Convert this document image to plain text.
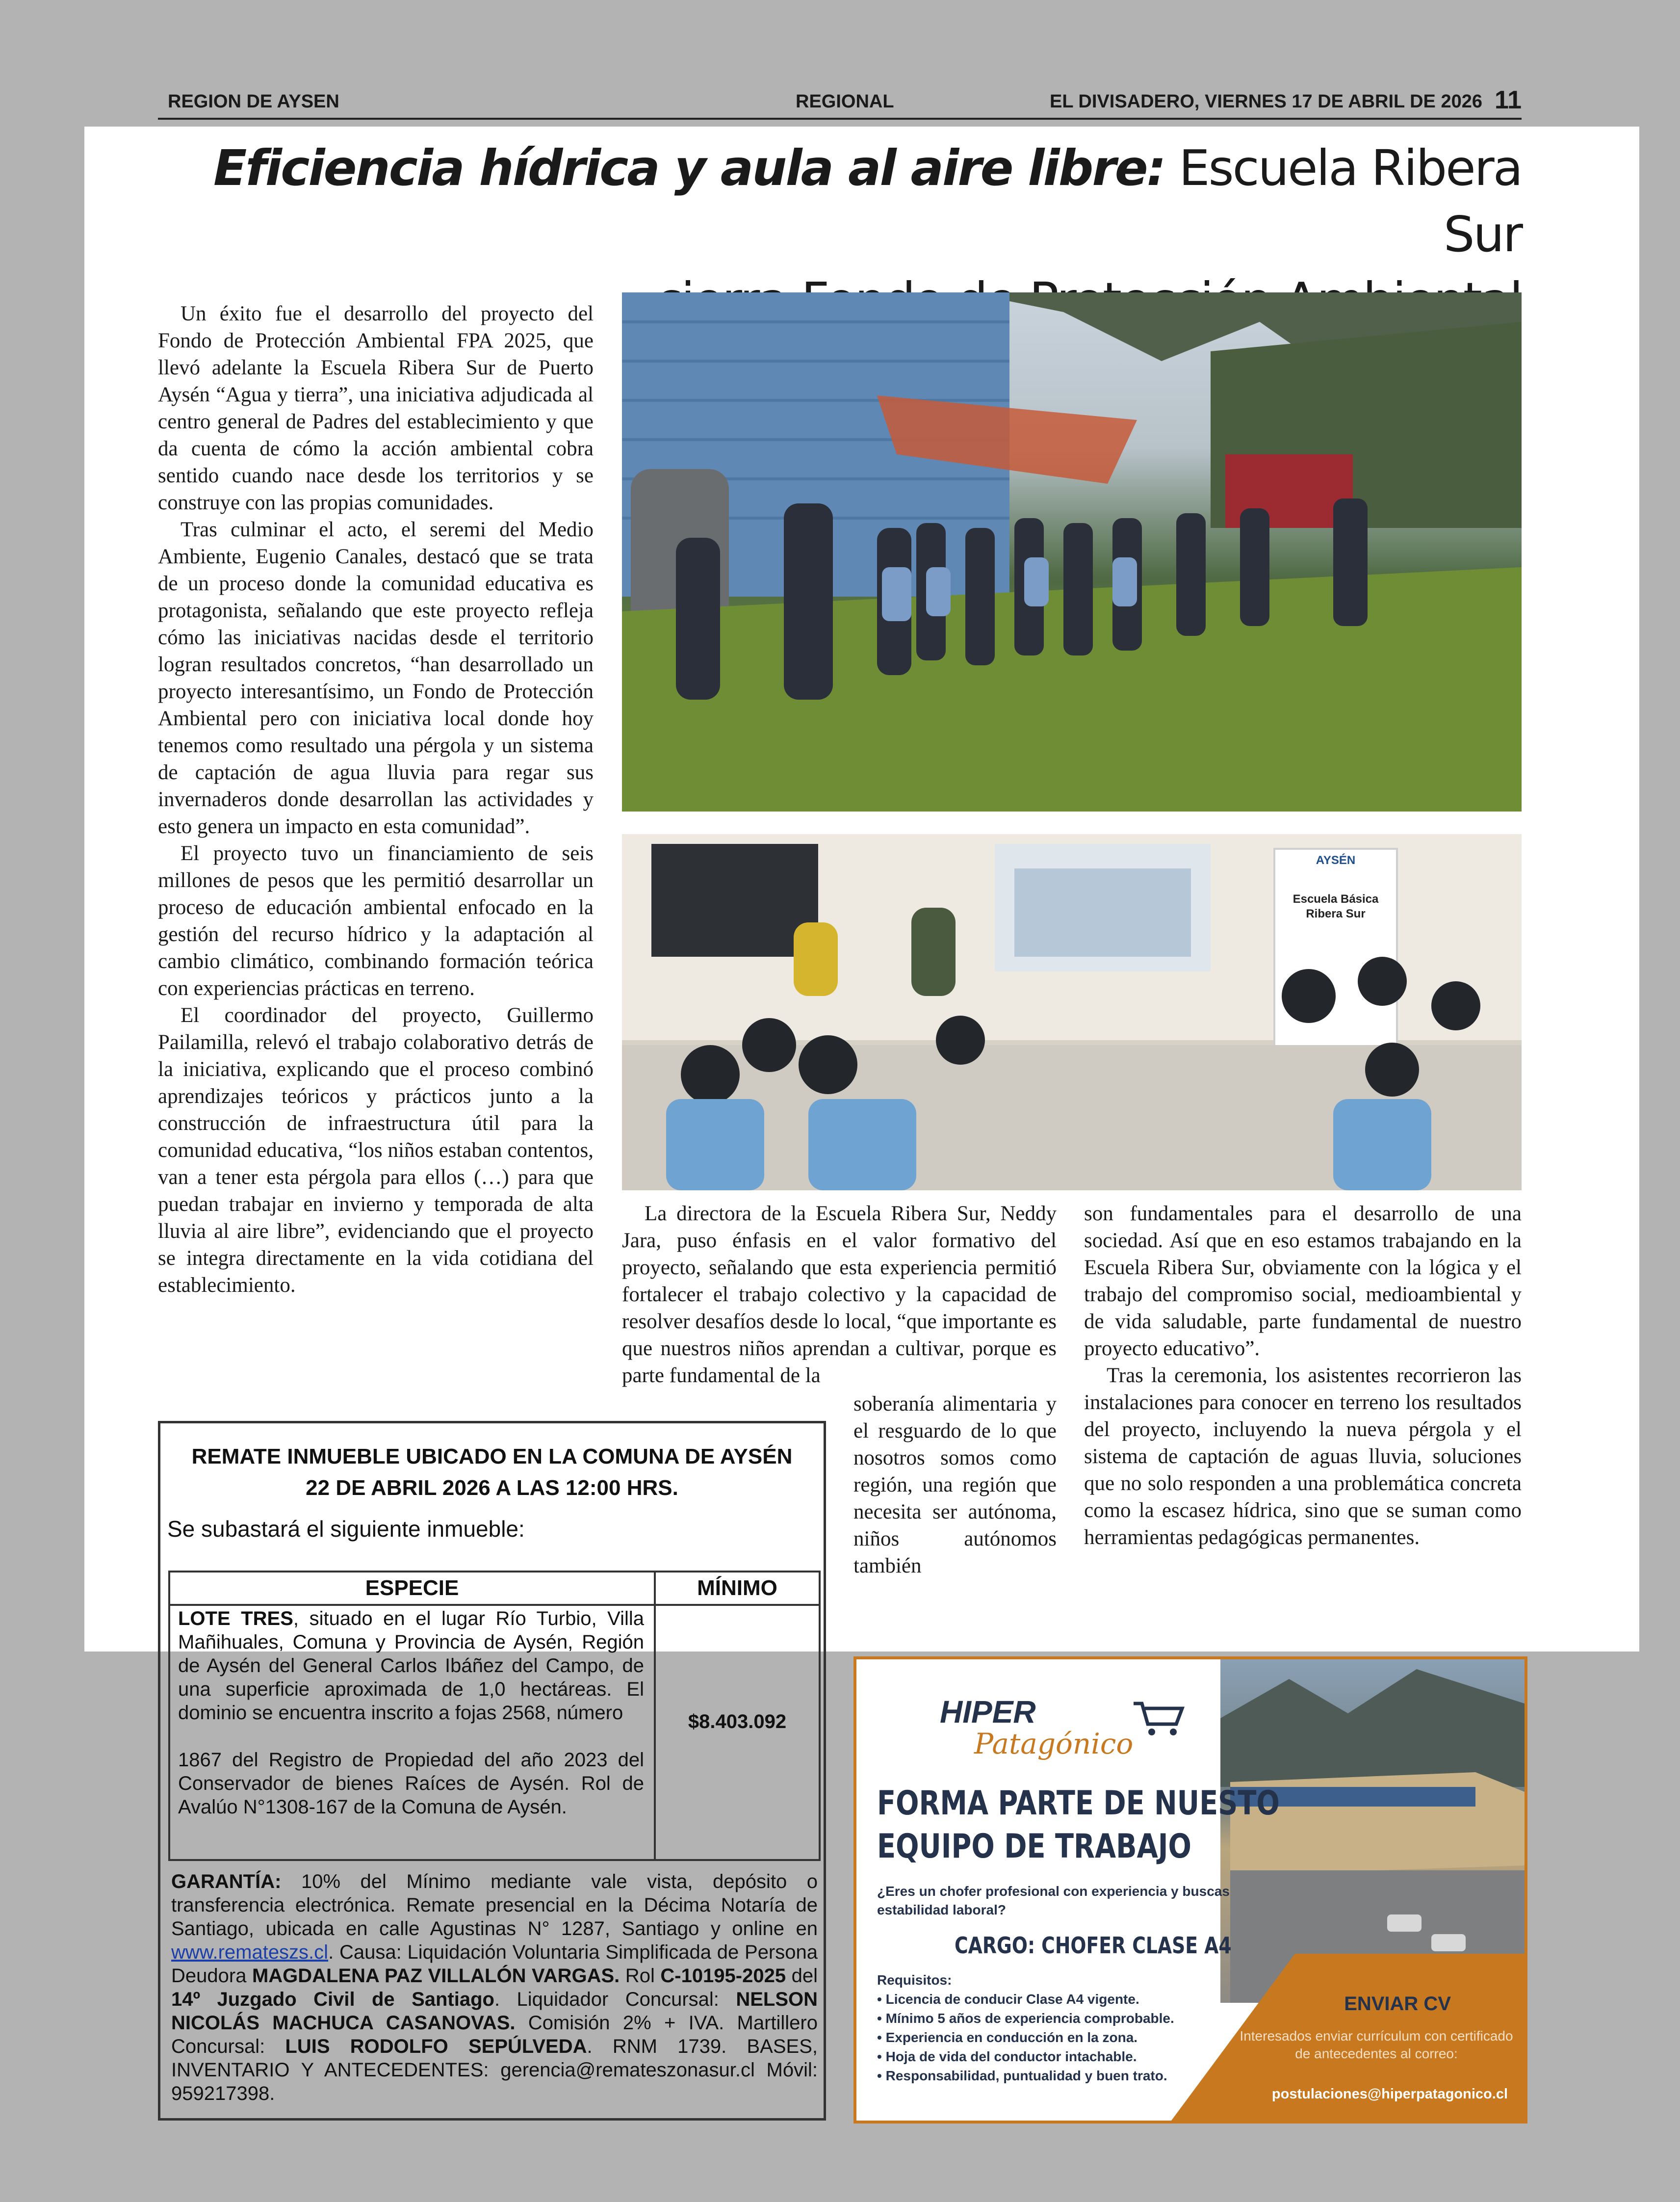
REGION DE AYSEN	REGIONAL	EL DIVISADERO, VIERNES 17 DE ABRIL DE 2026 11
Eficiencia hídrica y aula al aire libre: Escuela Ribera Sur

Un éxito fue el desarrollo del proyecto del Fondo de Protección Ambiental FPA 2025, que llevó adelante la Escuela Ribera Sur de Puerto Aysén “Agua y tierra”, una iniciativa adjudicada al centro general de Padres del establecimiento y que da cuenta de cómo la acción ambiental cobra sentido cuando nace desde los territorios y se construye con las propias comunidades.

Tras culminar el acto, el seremi del Medio Ambiente, Eugenio Canales, destacó que se trata de un proceso donde la comunidad educativa es protagonista, señalando que este proyecto refleja cómo las iniciativas nacidas desde el territorio logran resultados concretos, “han desarrollado un proyecto interesantísimo, un Fondo de Protección Ambiental pero con iniciativa local donde hoy tenemos como resultado una pérgola y un sistema de captación de agua lluvia para regar sus invernaderos donde desarrollan las actividades y esto genera un impacto en esta comunidad”.

El proyecto tuvo un financiamiento de seis millones de pesos que les permitió desarrollar un proceso de educación ambiental enfocado en la gestión del recurso hídrico y la adaptación al cambio climático, combinando formación teórica con experiencias prácticas en terreno.

El coordinador del proyecto, Guillermo Pailamilla, relevó el trabajo colaborativo detrás de la iniciativa, explicando que el proceso combinó aprendizajes teóricos y prácticos junto a la construcción de infraestructura útil para la comunidad educativa, “los niños estaban contentos, van a tener esta pérgola para ellos (…) para que puedan trabajar en invierno y temporada de alta lluvia al aire libre”, evidenciando que el proyecto se integra directamente en la vida cotidiana del establecimiento.

AYSÉN
Escuela Básica Ribera Sur

La directora de la Escuela Ribera Sur, Neddy Jara, puso énfasis en el valor formativo del proyecto, señalando que esta experiencia permitió fortalecer el trabajo colectivo y la capacidad de resolver desafíos desde lo local, “que importante es que nuestros niños aprendan a cultivar, porque es parte fundamental de la

soberanía alimentaria y el resguardo de lo que nosotros somos como región, una región que necesita ser autónoma, niños autónomos también

son fundamentales para el desarrollo de una sociedad. Así que en eso estamos trabajando en la Escuela Ribera Sur, obviamente con la lógica y el trabajo del compromiso social, medioambiental y de vida saludable, parte fundamental de nuestro proyecto educativo”.

Tras la ceremonia, los asistentes recorrieron las instalaciones para conocer en terreno los resultados del proyecto, incluyendo la nueva pérgola y el sistema de captación de aguas lluvia, soluciones que no solo responden a una problemática concreta como la escasez hídrica, sino que se suman como herramientas pedagógicas permanentes.

REMATE INMUEBLE UBICADO EN LA COMUNA DE AYSÉN
22 DE ABRIL 2026 A LAS 12:00 HRS.
Se subastará el siguiente inmueble:
ESPECIE	MÍNIMO
LOTE TRES, situado en el lugar Río Turbio, Villa Mañihuales, Comuna y Provincia de Aysén, Región de Aysén del General Carlos Ibáñez del Campo, de una superficie aproximada de 1,0 hectáreas. El dominio se encuentra inscrito a fojas 2568, número
1867 del Registro de Propiedad del año 2023 del Conservador de bienes Raíces de Aysén. Rol de Avalúo N°1308-167 de la Comuna de Aysén.
$8.403.092
GARANTÍA: 10% del Mínimo mediante vale vista, depósito o transferencia electrónica. Remate presencial en la Décima Notaría de Santiago, ubicada en calle Agustinas N° 1287, Santiago y online en www.remateszs.cl. Causa: Liquidación Voluntaria Simplificada de Persona Deudora MAGDALENA PAZ VILLALÓN VARGAS. Rol C-10195-2025 del 14º Juzgado Civil de Santiago. Liquidador Concursal: NELSON NICOLÁS MACHUCA CASANOVAS. Comisión 2% + IVA. Martillero Concursal: LUIS RODOLFO SEPÚLVEDA. RNM 1739. BASES, INVENTARIO Y ANTECEDENTES: gerencia@remateszonasur.cl Móvil: 959217398.
HIPER
Patagónico
FORMA PARTE DE NUESTO
EQUIPO DE TRABAJO
¿Eres un chofer profesional con experiencia y buscas estabilidad laboral?
CARGO: CHOFER CLASE A4
Requisitos:
• Licencia de conducir Clase A4 vigente.
• Mínimo 5 años de experiencia comprobable.
• Experiencia en conducción en la zona.
• Hoja de vida del conductor intachable.
• Responsabilidad, puntualidad y buen trato.
ENVIAR CV
Interesados enviar currículum con certificado de antecedentes al correo:
postulaciones@hiperpatagonico.cl
